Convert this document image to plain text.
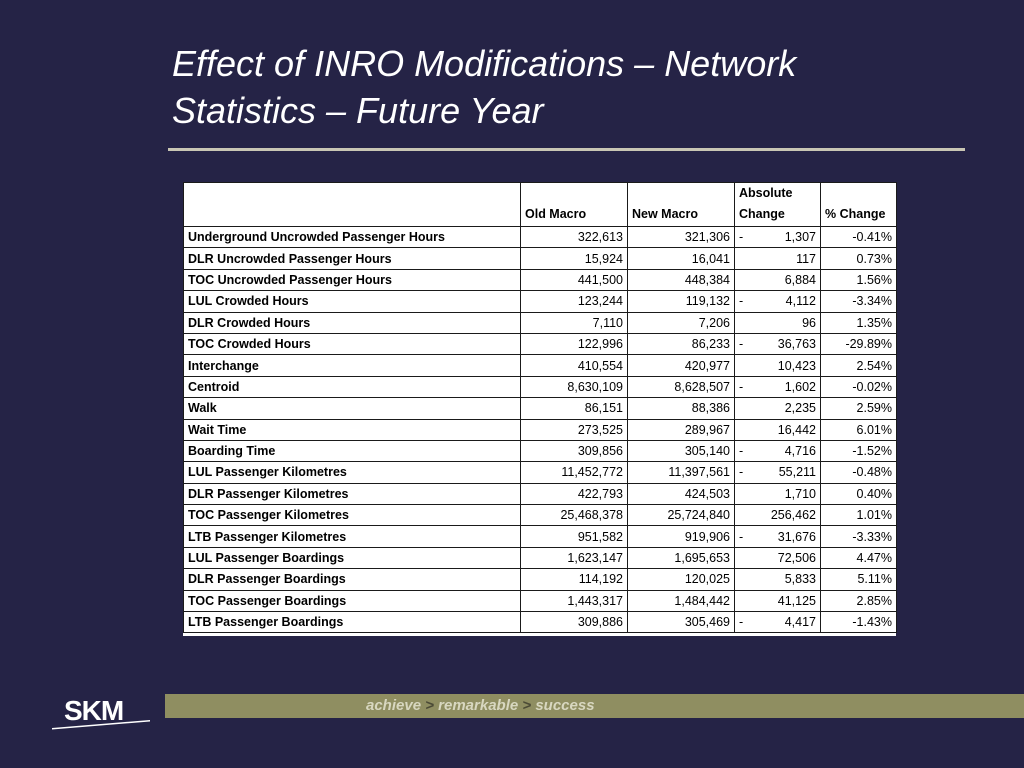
Effect of INRO Modifications – Network
Statistics – Future Year
	Old Macro	New Macro	Absolute
Change	% Change
Underground Uncrowded Passenger Hours	322,613	321,306	- 1,307	-0.41%
DLR Uncrowded Passenger Hours	15,924	16,041	117	0.73%
TOC Uncrowded Passenger Hours	441,500	448,384	6,884	1.56%
LUL Crowded Hours	123,244	119,132	- 4,112	-3.34%
DLR Crowded Hours	7,110	7,206	96	1.35%
TOC Crowded Hours	122,996	86,233	- 36,763	-29.89%
Interchange	410,554	420,977	10,423	2.54%
Centroid	8,630,109	8,628,507	- 1,602	-0.02%
Walk	86,151	88,386	2,235	2.59%
Wait Time	273,525	289,967	16,442	6.01%
Boarding Time	309,856	305,140	- 4,716	-1.52%
LUL Passenger Kilometres	11,452,772	11,397,561	- 55,211	-0.48%
DLR Passenger Kilometres	422,793	424,503	1,710	0.40%
TOC Passenger Kilometres	25,468,378	25,724,840	256,462	1.01%
LTB Passenger Kilometres	951,582	919,906	- 31,676	-3.33%
LUL Passenger Boardings	1,623,147	1,695,653	72,506	4.47%
DLR Passenger Boardings	114,192	120,025	5,833	5.11%
TOC Passenger Boardings	1,443,317	1,484,442	41,125	2.85%
LTB Passenger Boardings	309,886	305,469	- 4,417	-1.43%
achieve > remarkable > success
SKM
